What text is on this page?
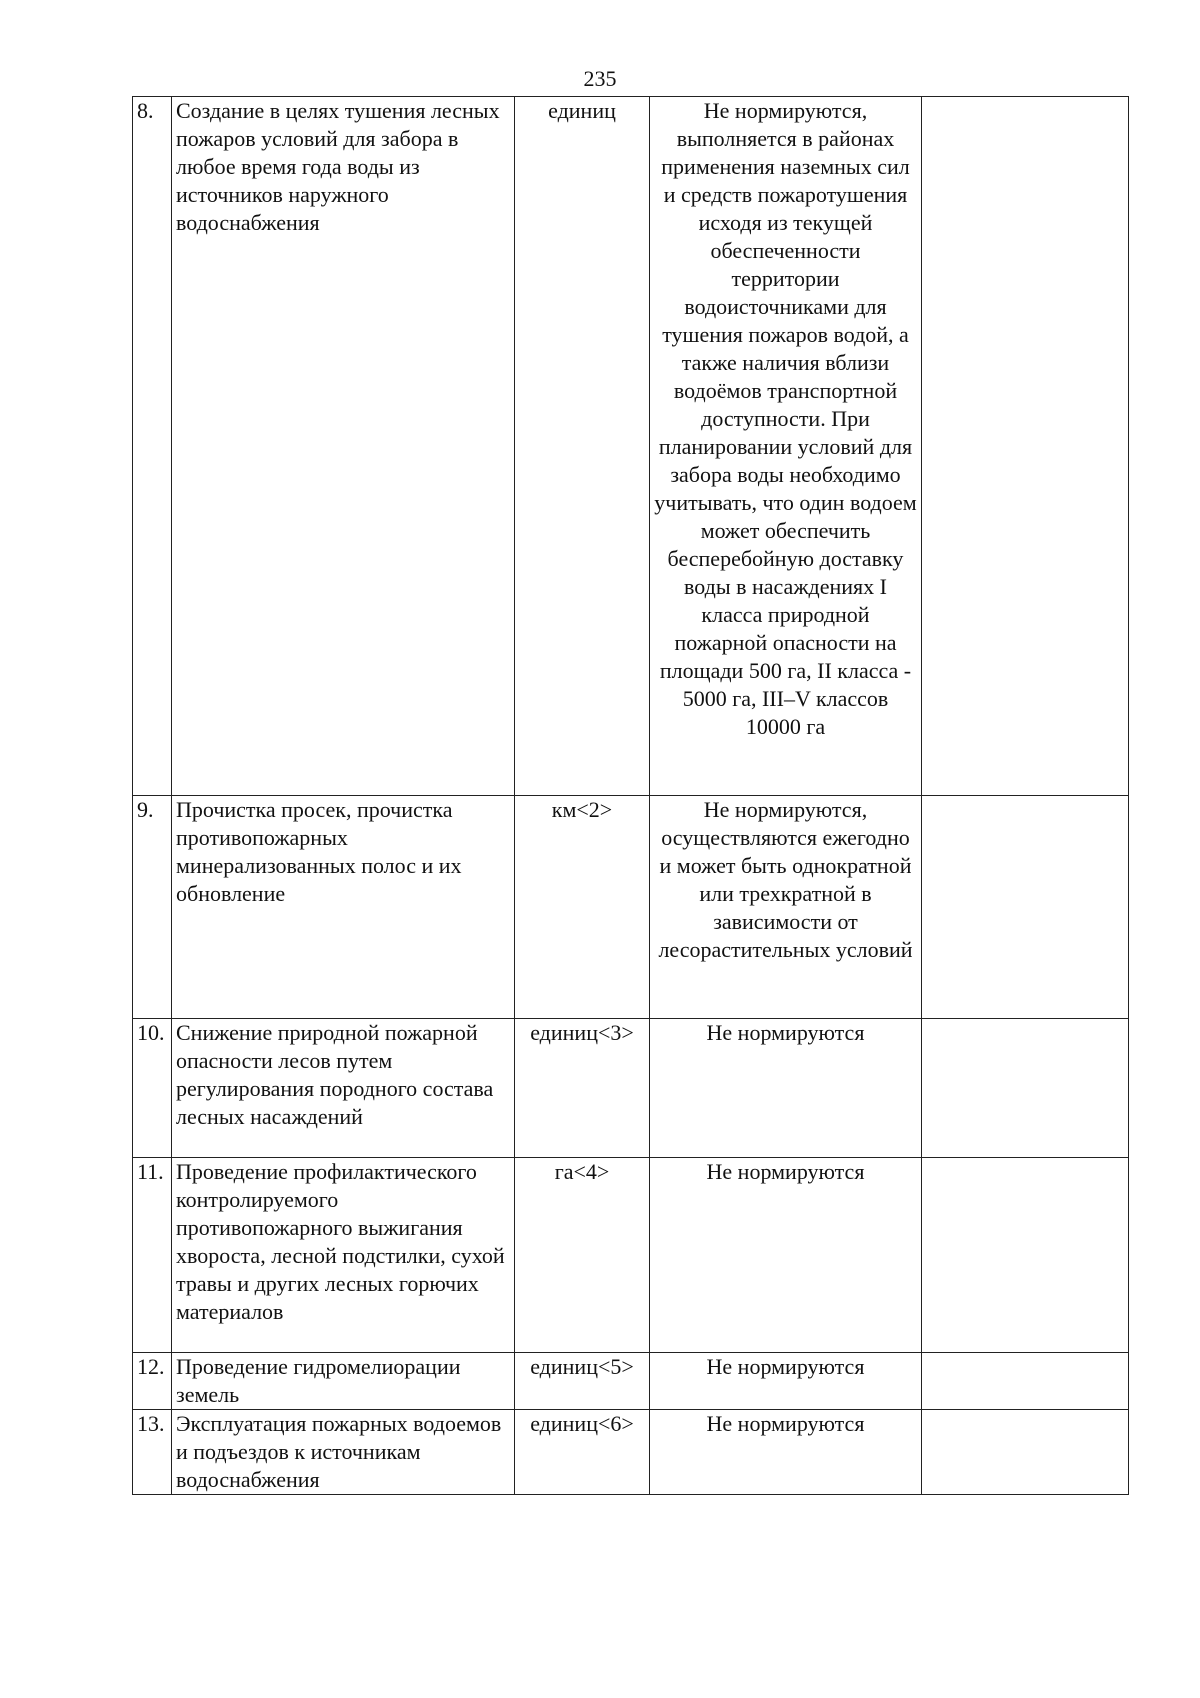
235
8.	Создание в целях тушения лесных пожаров условий для забора в любое время года воды из источников наружного водоснабжения	единиц	Не нормируются, выполняется в районах применения наземных сил и средств пожаротушения исходя из текущей обеспеченности территории водоисточниками для тушения пожаров водой, а также наличия вблизи водоёмов транспортной доступности. При планировании условий для забора воды необходимо учитывать, что один водоем может обеспечить бесперебойную доставку воды в насаждениях I класса природной пожарной опасности на площади 500 га, II класса - 5000 га, III–V классов 10000 га	
9.	Прочистка просек, прочистка противопожарных минерализованных полос и их обновление	км<2>	Не нормируются, осуществляются ежегодно и может быть однократной или трехкратной в зависимости от лесорастительных условий	
10.	Снижение природной пожарной опасности лесов путем регулирования породного состава лесных насаждений	единиц<3>	Не нормируются	
11.	Проведение профилактического контролируемого противопожарного выжигания хвороста, лесной подстилки, сухой травы и других лесных горючих материалов	га<4>	Не нормируются	
12.	Проведение гидромелиорации земель	единиц<5>	Не нормируются	
13.	Эксплуатация пожарных водоемов и подъездов к источникам водоснабжения	единиц<6>	Не нормируются	
